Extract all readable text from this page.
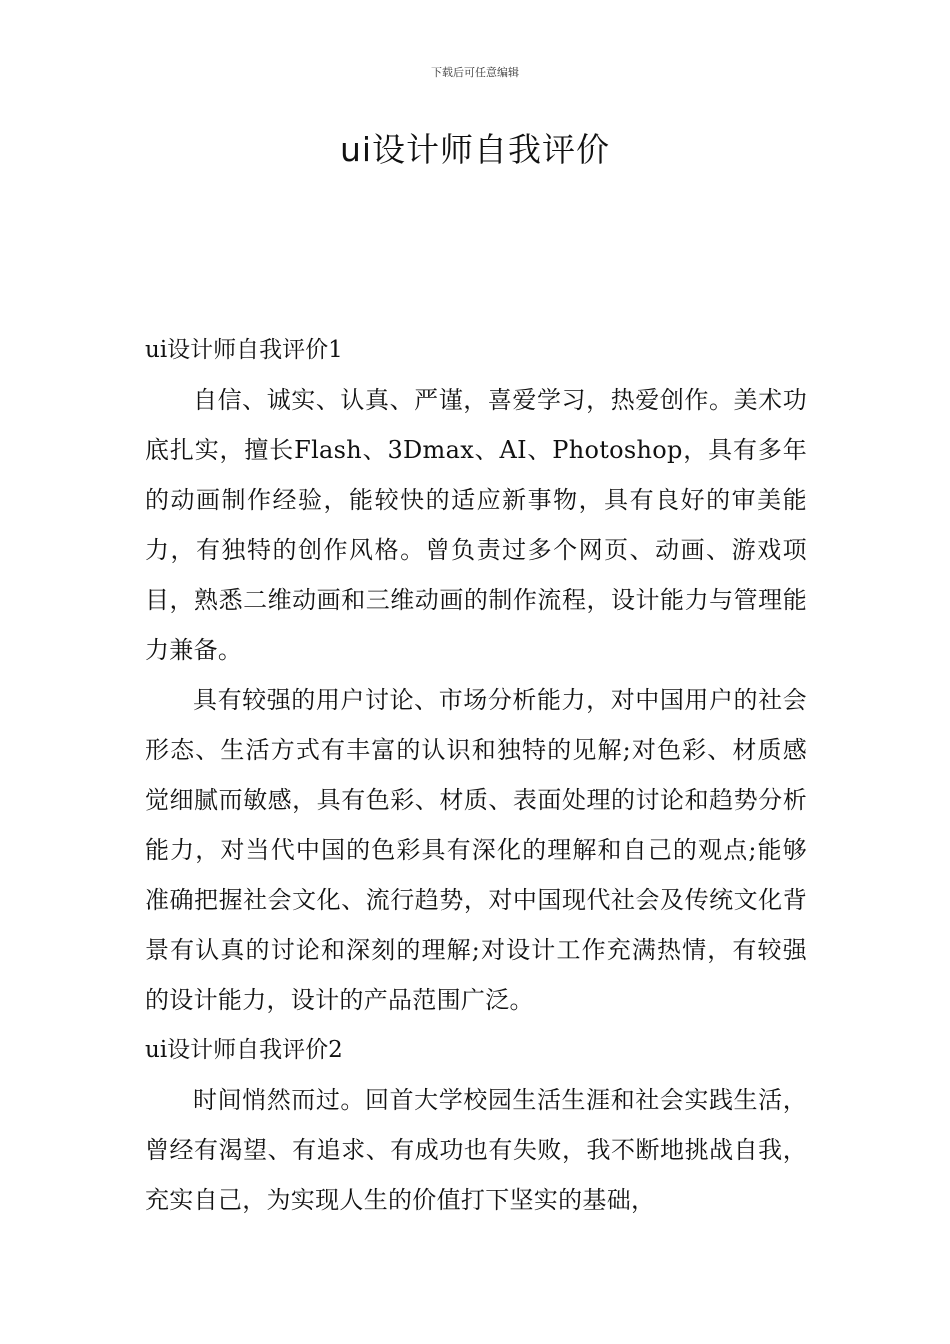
下载后可任意编辑
ui设计师自我评价
ui设计师自我评价1

自信、诚实、认真、严谨，喜爱学习，热爱创作。美术功底扎实，擅长Flash、3Dmax、AI、Photoshop，具有多年的动画制作经验，能较快的适应新事物，具有良好的审美能力，有独特的创作风格。曾负责过多个网页、动画、游戏项目，熟悉二维动画和三维动画的制作流程，设计能力与管理能力兼备。

具有较强的用户讨论、市场分析能力，对中国用户的社会形态、生活方式有丰富的认识和独特的见解;对色彩、材质感觉细腻而敏感，具有色彩、材质、表面处理的讨论和趋势分析能力，对当代中国的色彩具有深化的理解和自己的观点;能够准确把握社会文化、流行趋势，对中国现代社会及传统文化背景有认真的讨论和深刻的理解;对设计工作充满热情，有较强的设计能力，设计的产品范围广泛。

ui设计师自我评价2

时间悄然而过。回首大学校园生活生涯和社会实践生活，曾经有渴望、有追求、有成功也有失败，我不断地挑战自我，充实自己，为实现人生的价值打下坚实的基础，
